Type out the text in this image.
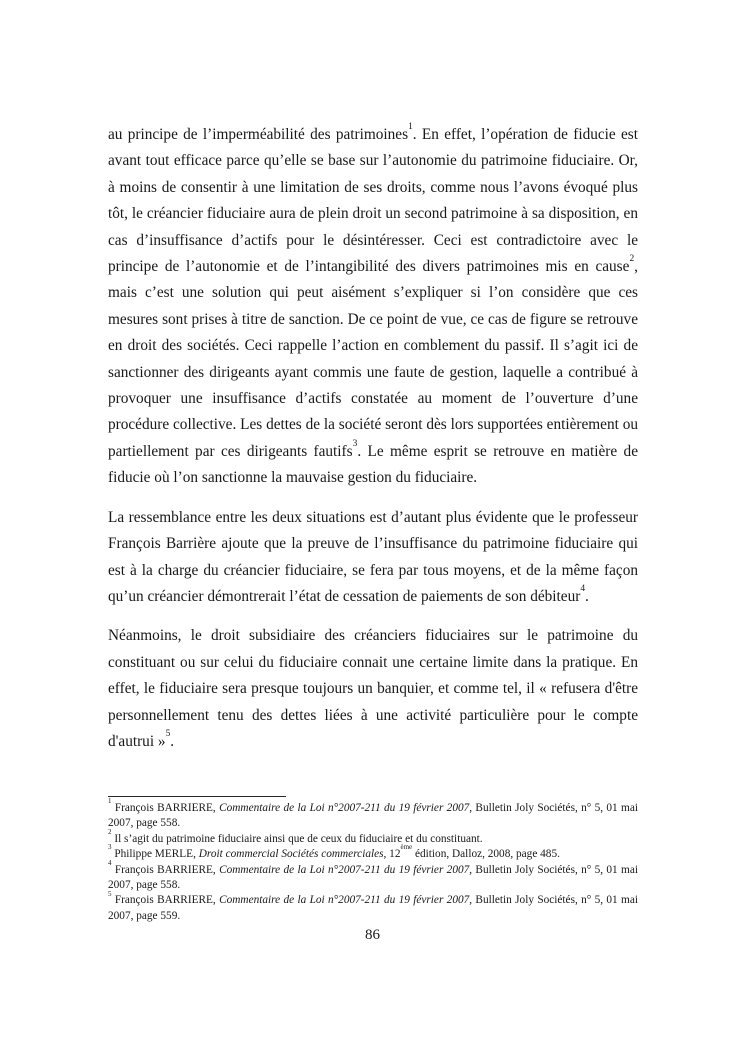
au principe de l’imperméabilité des patrimoines$^1$. En effet, l’opération de fiducie est avant tout efficace parce qu’elle se base sur l’autonomie du patrimoine fiduciaire. Or, à moins de consentir à une limitation de ses droits, comme nous l’avons évoqué plus tôt, le créancier fiduciaire aura de plein droit un second patrimoine à sa disposition, en cas d’insuffisance d’actifs pour le désintéresser. Ceci est contradictoire avec le principe de l’autonomie et de l’intangibilité des divers patrimoines mis en cause$^2$, mais c’est une solution qui peut aisément s’expliquer si l’on considère que ces mesures sont prises à titre de sanction. De ce point de vue, ce cas de figure se retrouve en droit des sociétés. Ceci rappelle l’action en comblement du passif. Il s’agit ici de sanctionner des dirigeants ayant commis une faute de gestion, laquelle a contribué à provoquer une insuffisance d’actifs constatée au moment de l’ouverture d’une procédure collective. Les dettes de la société seront dès lors supportées entièrement ou partiellement par ces dirigeants fautifs$^3$. Le même esprit se retrouve en matière de fiducie où l’on sanctionne la mauvaise gestion du fiduciaire.

La ressemblance entre les deux situations est d’autant plus évidente que le professeur François Barrière ajoute que la preuve de l’insuffisance du patrimoine fiduciaire qui est à la charge du créancier fiduciaire, se fera par tous moyens, et de la même façon qu’un créancier démontrerait l’état de cessation de paiements de son débiteur$^4$.

Néanmoins, le droit subsidiaire des créanciers fiduciaires sur le patrimoine du constituant ou sur celui du fiduciaire connait une certaine limite dans la pratique. En effet, le fiduciaire sera presque toujours un banquier, et comme tel, il « refusera d'être personnellement tenu des dettes liées à une activité particulière pour le compte d'autrui »$^5$.

$^1$ François BARRIERE, Commentaire de la Loi n°2007-211 du 19 février 2007, Bulletin Joly Sociétés, n° 5, 01 mai 2007, page 558.
$^2$ Il s’agit du patrimoine fiduciaire ainsi que de ceux du fiduciaire et du constituant.
$^3$ Philippe MERLE, Droit commercial Sociétés commerciales, 12ème édition, Dalloz, 2008, page 485.
$^4$ François BARRIERE, Commentaire de la Loi n°2007-211 du 19 février 2007, Bulletin Joly Sociétés, n° 5, 01 mai 2007, page 558.
$^5$ François BARRIERE, Commentaire de la Loi n°2007-211 du 19 février 2007, Bulletin Joly Sociétés, n° 5, 01 mai 2007, page 559.
86
